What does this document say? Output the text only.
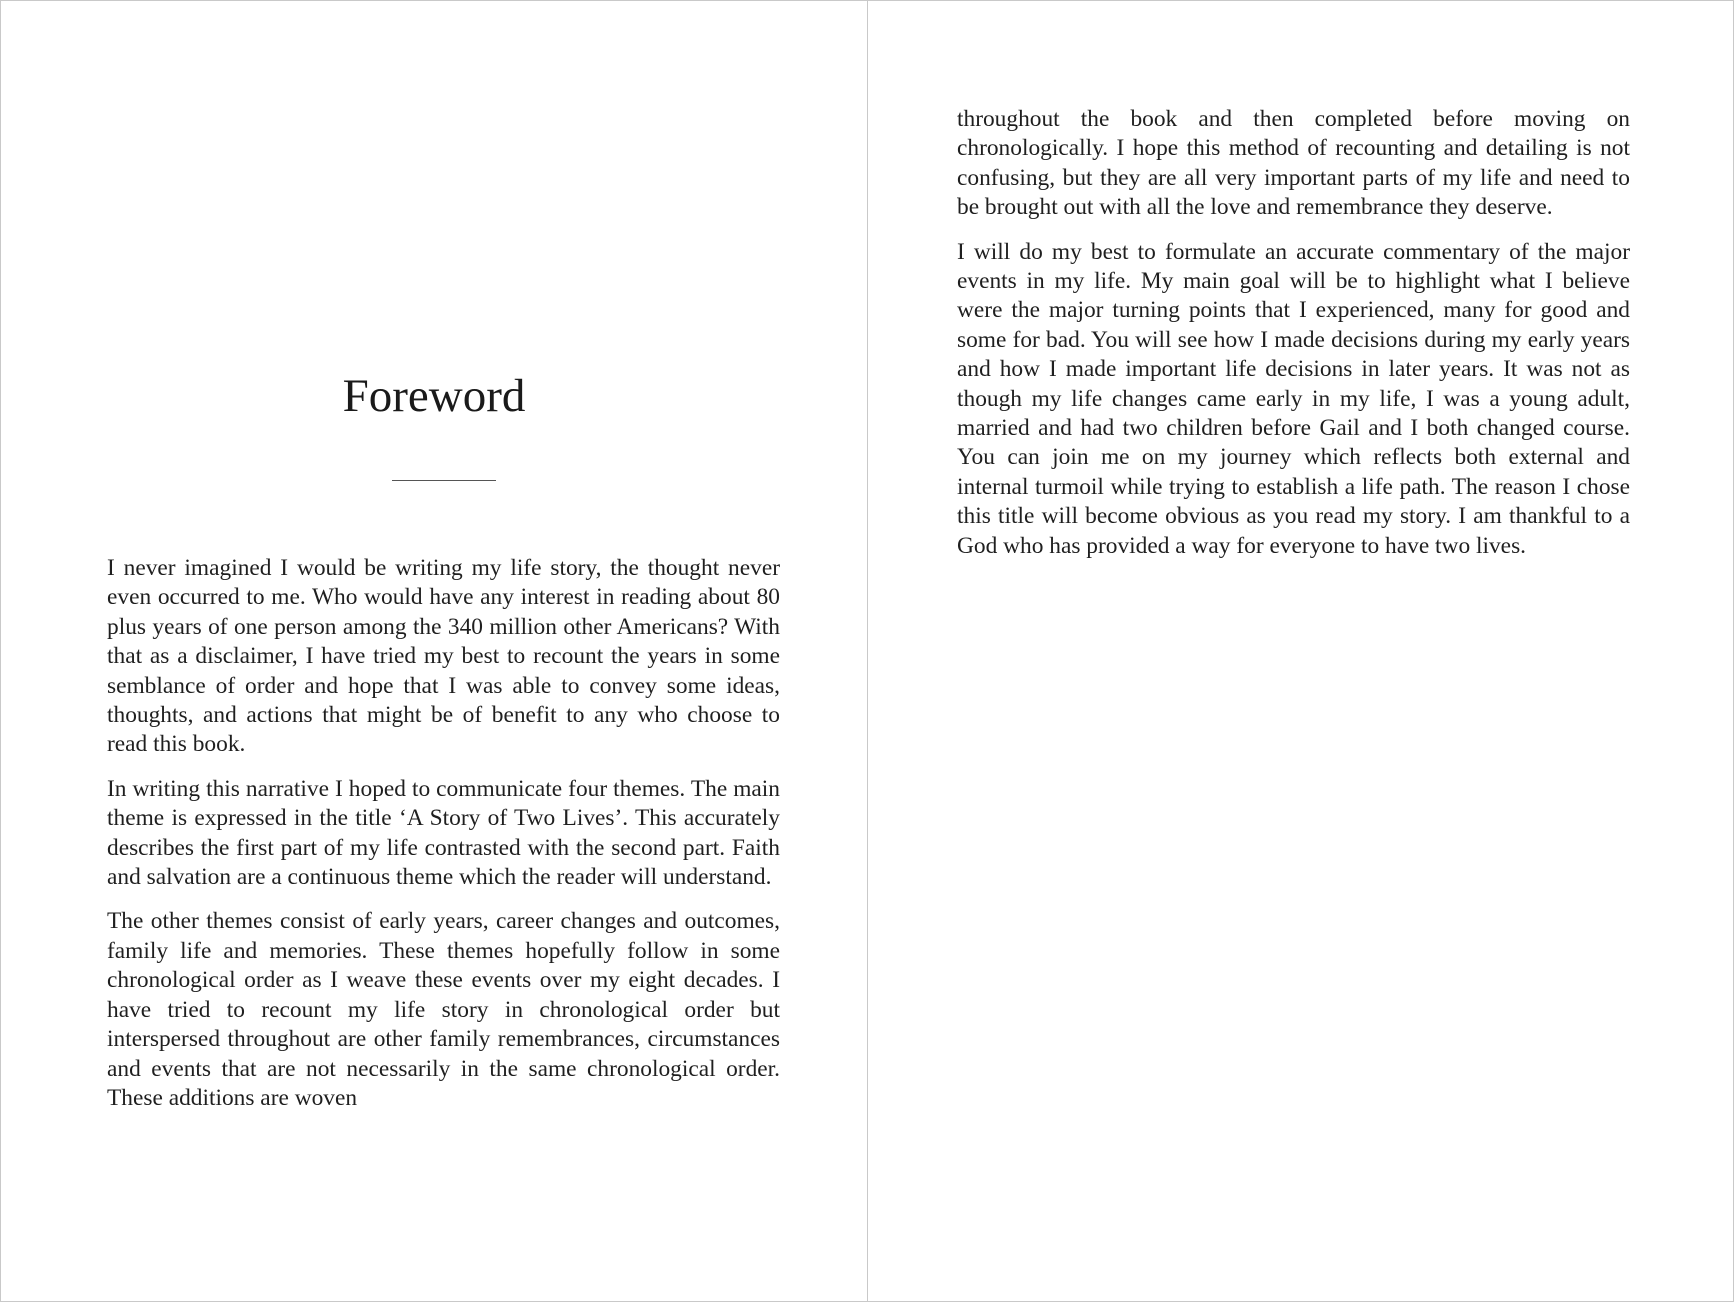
Foreword

I never imagined I would be writing my life story, the thought never even occurred to me. Who would have any interest in reading about 80 plus years of one person among the 340 million other Americans? With that as a disclaimer, I have tried my best to recount the years in some semblance of order and hope that I was able to convey some ideas, thoughts, and actions that might be of benefit to any who choose to read this book.

In writing this narrative I hoped to communicate four themes. The main theme is expressed in the title ‘A Story of Two Lives’. This accurately describes the first part of my life contrasted with the second part. Faith and salvation are a continuous theme which the reader will understand.

The other themes consist of early years, career changes and outcomes, family life and memories. These themes hopefully follow in some chronological order as I weave these events over my eight decades. I have tried to recount my life story in chronological order but interspersed throughout are other family remembrances, circumstances and events that are not necessarily in the same chronological order. These additions are woven

throughout the book and then completed before moving on chronologically. I hope this method of recounting and detailing is not confusing, but they are all very important parts of my life and need to be brought out with all the love and remembrance they deserve.

I will do my best to formulate an accurate commentary of the major events in my life. My main goal will be to highlight what I believe were the major turning points that I experienced, many for good and some for bad. You will see how I made decisions during my early years and how I made important life decisions in later years. It was not as though my life changes came early in my life, I was a young adult, married and had two children before Gail and I both changed course. You can join me on my journey which reflects both external and internal turmoil while trying to establish a life path. The reason I chose this title will become obvious as you read my story. I am thankful to a God who has provided a way for everyone to have two lives.
